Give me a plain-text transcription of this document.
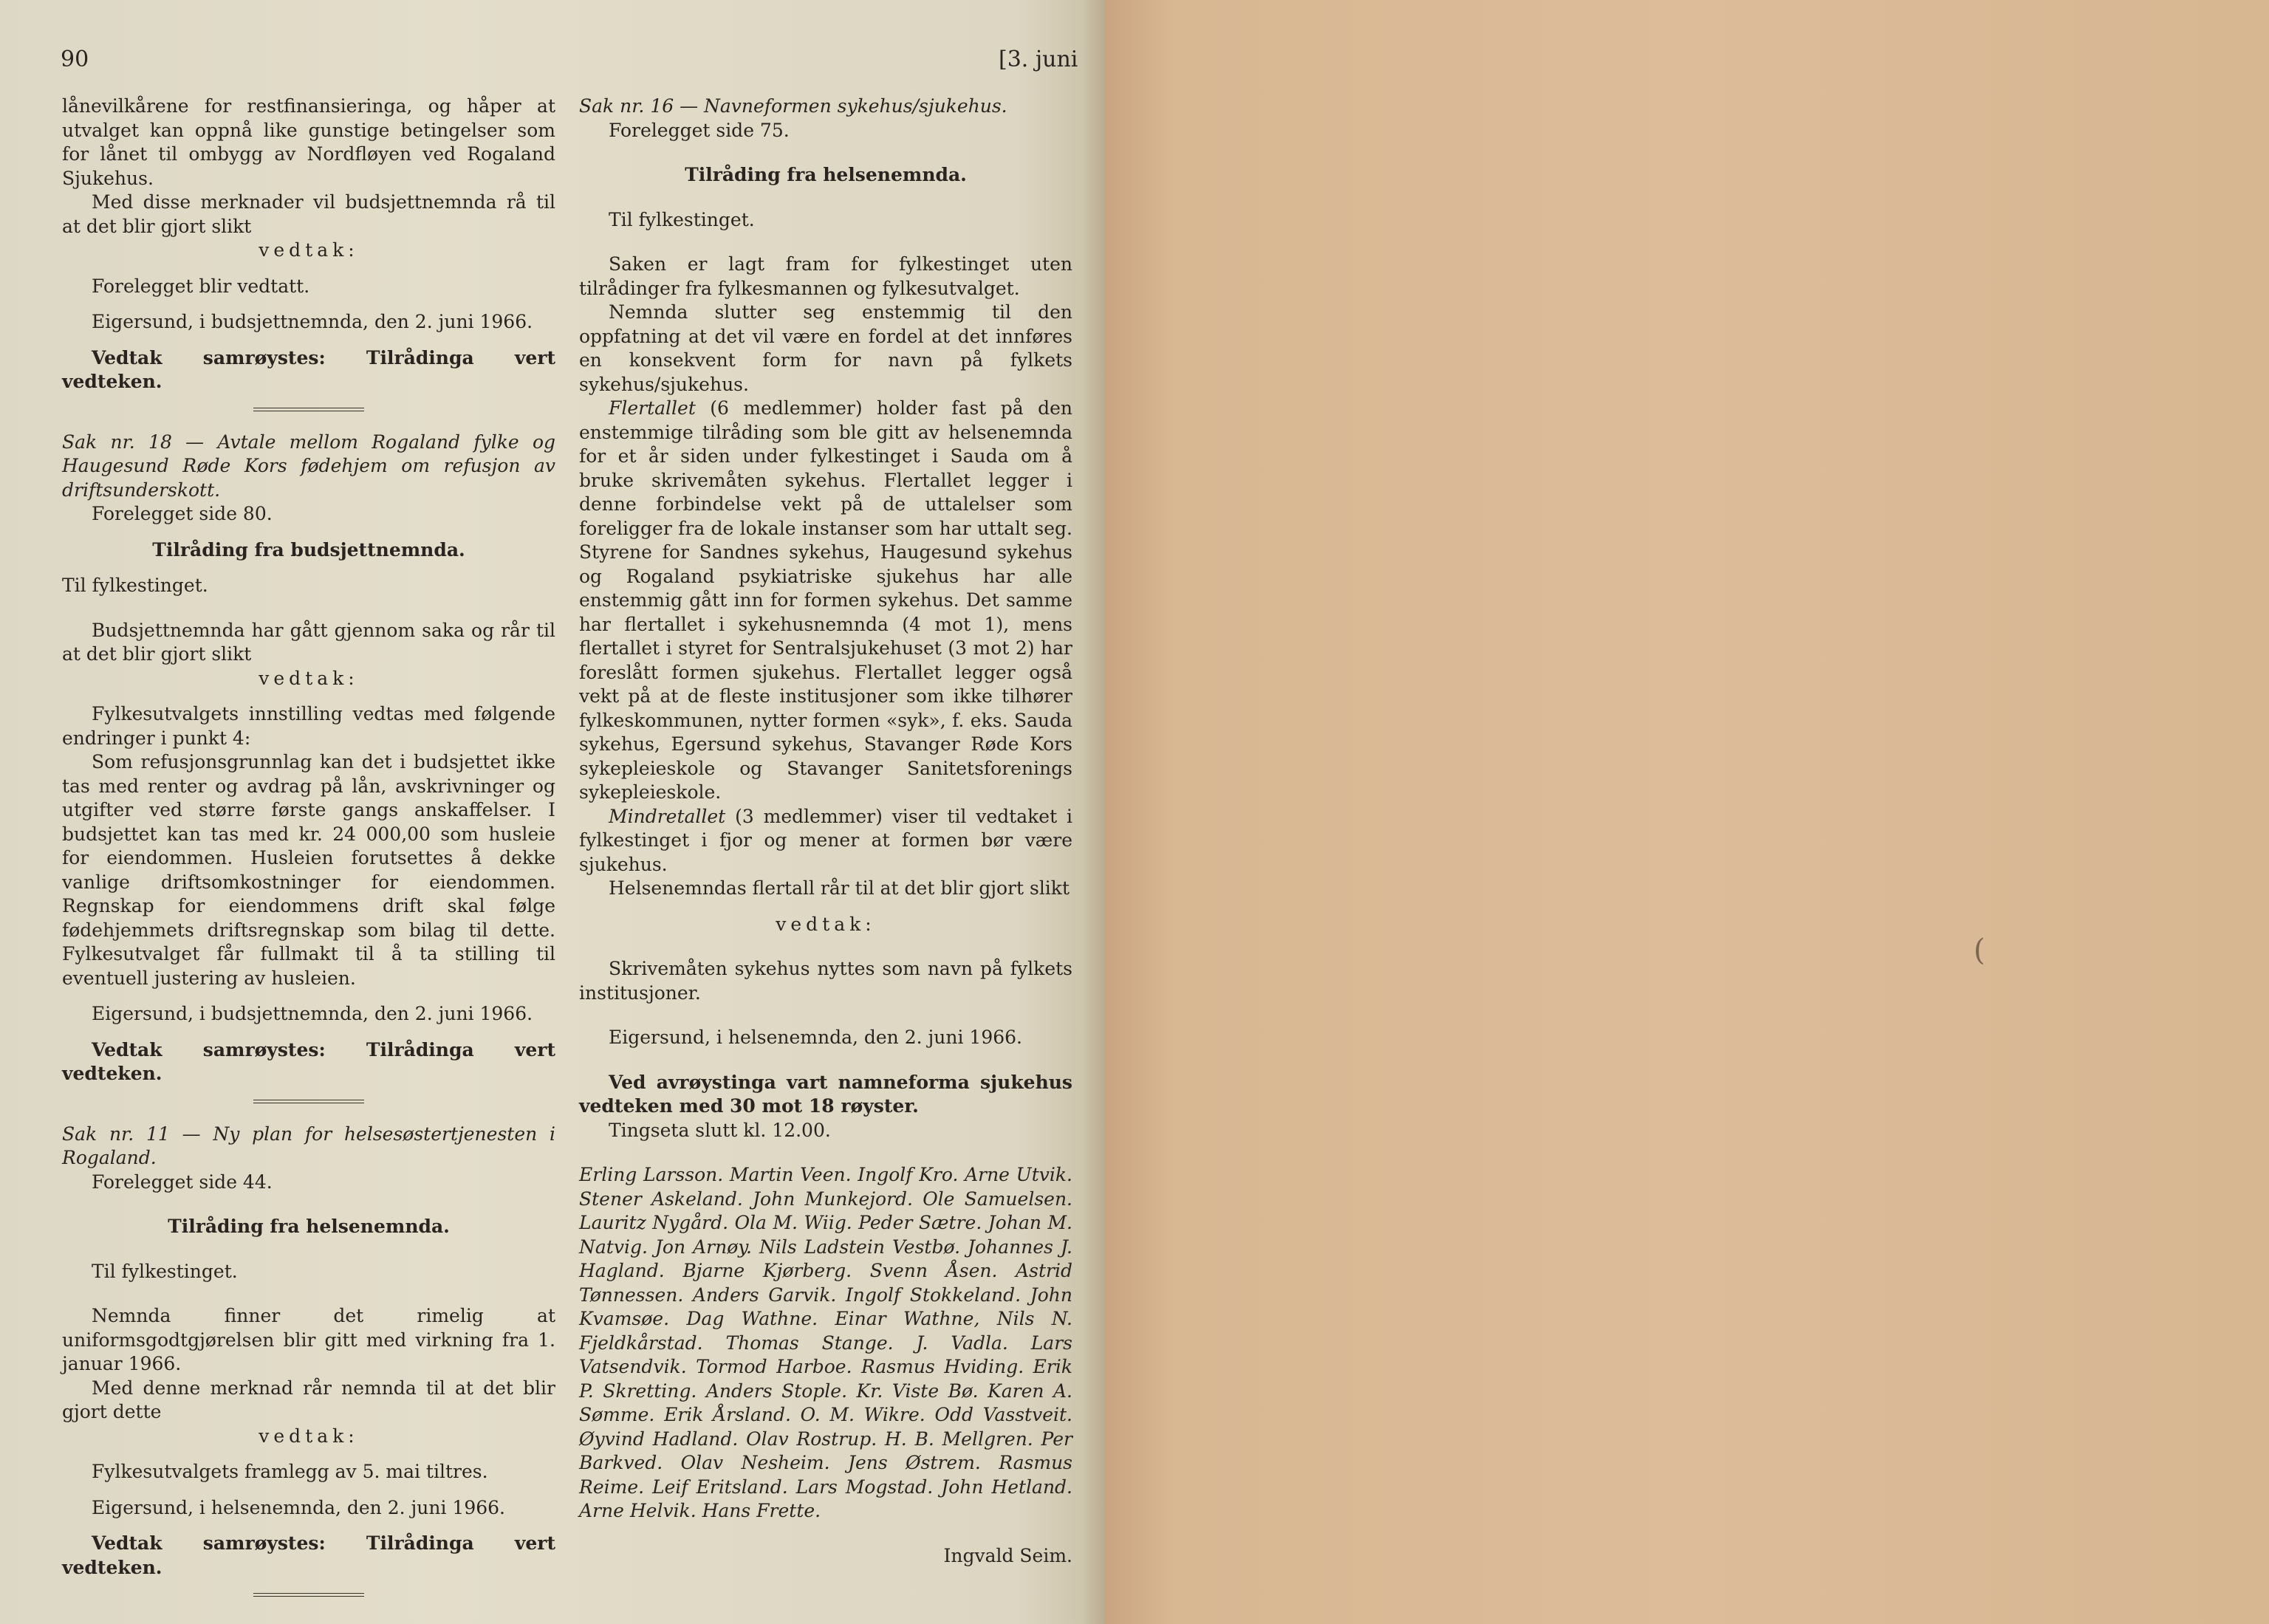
(
90	[3. juni

lånevilkårene for restfinansieringa, og håper at utvalget kan oppnå like gunstige betingelser som for lånet til ombygg av Nordfløyen ved Rogaland Sjukehus.

Med disse merknader vil budsjettnemnda rå til at det blir gjort slikt

vedtak:

Forelegget blir vedtatt.

Eigersund, i budsjettnemnda, den 2. juni 1966.

Vedtak samrøystes: Tilrådinga vert vedteken.

Sak nr. 18 — Avtale mellom Rogaland fylke og Haugesund Røde Kors fødehjem om refusjon av driftsunderskott.

Forelegget side 80.

Tilråding fra budsjettnemnda.

Til fylkestinget.

Budsjettnemnda har gått gjennom saka og rår til at det blir gjort slikt

vedtak:

Fylkesutvalgets innstilling vedtas med følgende endringer i punkt 4:

Som refusjonsgrunnlag kan det i budsjettet ikke tas med renter og avdrag på lån, avskrivninger og utgifter ved større første gangs anskaffelser. I budsjettet kan tas med kr. 24 000,00 som husleie for eiendommen. Husleien forutsettes å dekke vanlige driftsomkostninger for eiendommen. Regnskap for eiendommens drift skal følge fødehjemmets driftsregnskap som bilag til dette. Fylkesutvalget får fullmakt til å ta stilling til eventuell justering av husleien.

Eigersund, i budsjettnemnda, den 2. juni 1966.

Vedtak samrøystes: Tilrådinga vert vedteken.

Sak nr. 11 — Ny plan for helsesøstertjenesten i Rogaland.

Forelegget side 44.

Tilråding fra helsenemnda.

Til fylkestinget.

Nemnda finner det rimelig at uniformsgodtgjørelsen blir gitt med virkning fra 1. januar 1966.

Med denne merknad rår nemnda til at det blir gjort dette

vedtak:

Fylkesutvalgets framlegg av 5. mai tiltres.

Eigersund, i helsenemnda, den 2. juni 1966.

Vedtak samrøystes: Tilrådinga vert vedteken.

Sak nr. 16 — Navneformen sykehus/sjukehus.

Forelegget side 75.

Tilråding fra helsenemnda.

Til fylkestinget.

Saken er lagt fram for fylkestinget uten tilrådinger fra fylkesmannen og fylkesutvalget.

Nemnda slutter seg enstemmig til den oppfatning at det vil være en fordel at det innføres en konsekvent form for navn på fylkets sykehus/sjukehus.

Flertallet (6 medlemmer) holder fast på den enstemmige tilråding som ble gitt av helsenemnda for et år siden under fylkestinget i Sauda om å bruke skrivemåten sykehus. Flertallet legger i denne forbindelse vekt på de uttalelser som foreligger fra de lokale instanser som har uttalt seg. Styrene for Sandnes sykehus, Haugesund sykehus og Rogaland psykiatriske sjukehus har alle enstemmig gått inn for formen sykehus. Det samme har flertallet i sykehusnemnda (4 mot 1), mens flertallet i styret for Sentralsjukehuset (3 mot 2) har foreslått formen sjukehus. Flertallet legger også vekt på at de fleste institusjoner som ikke tilhører fylkeskommunen, nytter formen «syk», f. eks. Sauda sykehus, Egersund sykehus, Stavanger Røde Kors sykepleieskole og Stavanger Sanitetsforenings sykepleieskole.

Mindretallet (3 medlemmer) viser til vedtaket i fylkestinget i fjor og mener at formen bør være sjukehus.

Helsenemndas flertall rår til at det blir gjort slikt

vedtak:

Skrivemåten sykehus nyttes som navn på fylkets institusjoner.

Eigersund, i helsenemnda, den 2. juni 1966.

Ved avrøystinga vart namneforma sjukehus vedteken med 30 mot 18 røyster.

Tingseta slutt kl. 12.00.

Erling Larsson. Martin Veen. Ingolf Kro. Arne Utvik. Stener Askeland. John Munkejord. Ole Samuelsen. Lauritz Nygård. Ola M. Wiig. Peder Sætre. Johan M. Natvig. Jon Arnøy. Nils Ladstein Vestbø. Johannes J. Hagland. Bjarne Kjørberg. Svenn Åsen. Astrid Tønnessen. Anders Garvik. Ingolf Stokkeland. John Kvamsøe. Dag Wathne. Einar Wathne, Nils N. Fjeldkårstad. Thomas Stange. J. Vadla. Lars Vatsendvik. Tormod Harboe. Rasmus Hviding. Erik P. Skretting. Anders Stople. Kr. Viste Bø. Karen A. Sømme. Erik Årsland. O. M. Wikre. Odd Vasstveit. Øyvind Hadland. Olav Rostrup. H. B. Mellgren. Per Barkved. Olav Nesheim. Jens Østrem. Rasmus Reime. Leif Eritsland. Lars Mogstad. John Hetland. Arne Helvik. Hans Frette.

Ingvald Seim.
